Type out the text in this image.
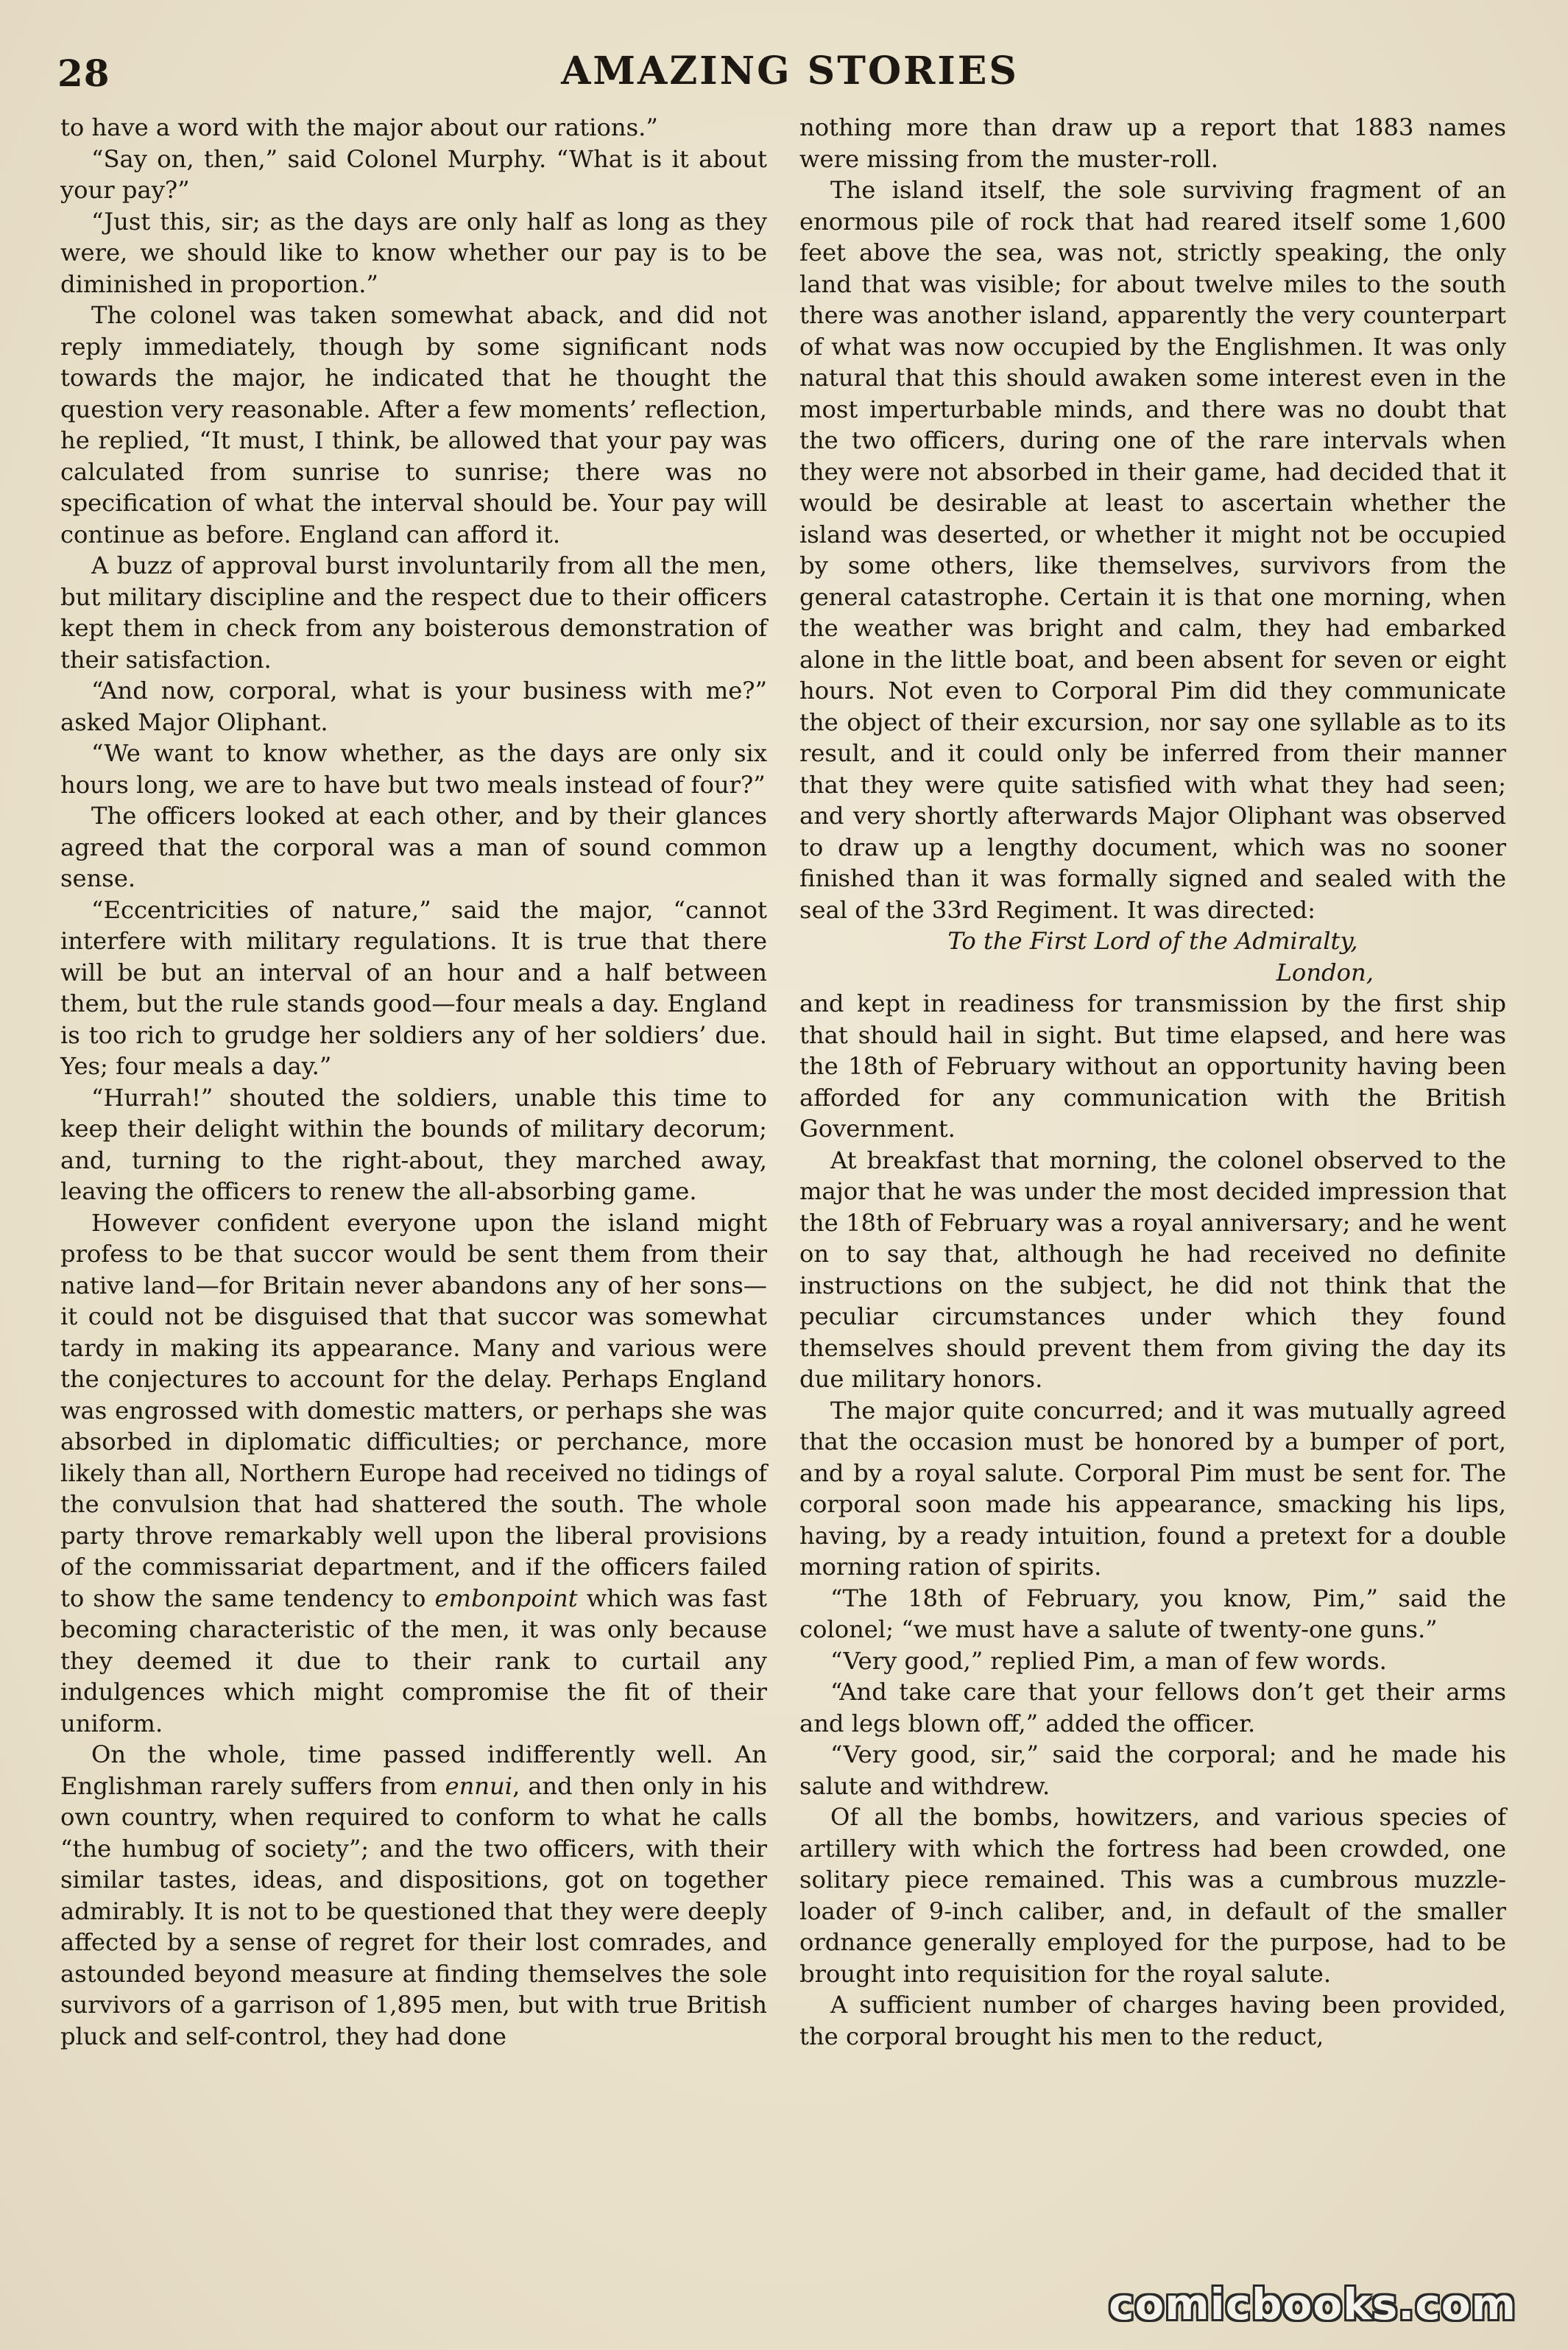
28	AMAZING STORIES

to have a word with the major about our rations.”

“Say on, then,” said Colonel Murphy. “What is it about your pay?”

“Just this, sir; as the days are only half as long as they were, we should like to know whether our pay is to be diminished in proportion.”

The colonel was taken somewhat aback, and did not reply immediately, though by some significant nods towards the major, he indicated that he thought the question very reasonable. After a few moments’ reflection, he replied, “It must, I think, be allowed that your pay was calculated from sunrise to sunrise; there was no specification of what the interval should be. Your pay will continue as before. England can afford it.

A buzz of approval burst involuntarily from all the men, but military discipline and the respect due to their officers kept them in check from any boisterous demonstration of their satisfaction.

“And now, corporal, what is your business with me?” asked Major Oliphant.

“We want to know whether, as the days are only six hours long, we are to have but two meals instead of four?”

The officers looked at each other, and by their glances agreed that the corporal was a man of sound common sense.

“Eccentricities of nature,” said the major, “cannot interfere with military regulations. It is true that there will be but an interval of an hour and a half between them, but the rule stands good—four meals a day. England is too rich to grudge her soldiers any of her soldiers’ due. Yes; four meals a day.”

“Hurrah!” shouted the soldiers, unable this time to keep their delight within the bounds of military decorum; and, turning to the right-about, they marched away, leaving the officers to renew the all-absorbing game.

However confident everyone upon the island might profess to be that succor would be sent them from their native land—for Britain never abandons any of her sons—it could not be disguised that that succor was somewhat tardy in making its appearance. Many and various were the conjectures to account for the delay. Perhaps England was engrossed with domestic matters, or perhaps she was absorbed in diplomatic difficulties; or perchance, more likely than all, Northern Europe had received no tidings of the convulsion that had shattered the south. The whole party throve remarkably well upon the liberal provisions of the commissariat department, and if the officers failed to show the same tendency to embonpoint which was fast becoming characteristic of the men, it was only because they deemed it due to their rank to curtail any indulgences which might compromise the fit of their uniform.

On the whole, time passed indifferently well. An Englishman rarely suffers from ennui, and then only in his own country, when required to conform to what he calls “the humbug of society”; and the two officers, with their similar tastes, ideas, and dispositions, got on together admirably. It is not to be questioned that they were deeply affected by a sense of regret for their lost comrades, and astounded beyond measure at finding themselves the sole survivors of a garrison of 1,895 men, but with true British pluck and self-control, they had done

nothing more than draw up a report that 1883 names were missing from the muster-roll.

The island itself, the sole surviving fragment of an enormous pile of rock that had reared itself some 1,600 feet above the sea, was not, strictly speaking, the only land that was visible; for about twelve miles to the south there was another island, apparently the very counterpart of what was now occupied by the Englishmen. It was only natural that this should awaken some interest even in the most imperturbable minds, and there was no doubt that the two officers, during one of the rare intervals when they were not absorbed in their game, had decided that it would be desirable at least to ascertain whether the island was deserted, or whether it might not be occupied by some others, like themselves, survivors from the general catastrophe. Certain it is that one morning, when the weather was bright and calm, they had embarked alone in the little boat, and been absent for seven or eight hours. Not even to Corporal Pim did they communicate the object of their excursion, nor say one syllable as to its result, and it could only be inferred from their manner that they were quite satisfied with what they had seen; and very shortly afterwards Major Oliphant was observed to draw up a lengthy document, which was no sooner finished than it was formally signed and sealed with the seal of the 33rd Regiment. It was directed:

To the First Lord of the Admiralty,
London,

and kept in readiness for transmission by the first ship that should hail in sight. But time elapsed, and here was the 18th of February without an opportunity having been afforded for any communication with the British Government.

At breakfast that morning, the colonel observed to the major that he was under the most decided impression that the 18th of February was a royal anniversary; and he went on to say that, although he had received no definite instructions on the subject, he did not think that the peculiar circumstances under which they found themselves should prevent them from giving the day its due military honors.

The major quite concurred; and it was mutually agreed that the occasion must be honored by a bumper of port, and by a royal salute. Corporal Pim must be sent for. The corporal soon made his appearance, smacking his lips, having, by a ready intuition, found a pretext for a double morning ration of spirits.

“The 18th of February, you know, Pim,” said the colonel; “we must have a salute of twenty-one guns.”

“Very good,” replied Pim, a man of few words.

“And take care that your fellows don’t get their arms and legs blown off,” added the officer.

“Very good, sir,” said the corporal; and he made his salute and withdrew.

Of all the bombs, howitzers, and various species of artillery with which the fortress had been crowded, one solitary piece remained. This was a cumbrous muzzle-loader of 9-inch caliber, and, in default of the smaller ordnance generally employed for the purpose, had to be brought into requisition for the royal salute.

A sufficient number of charges having been provided, the corporal brought his men to the reduct,

comicbooks.com
